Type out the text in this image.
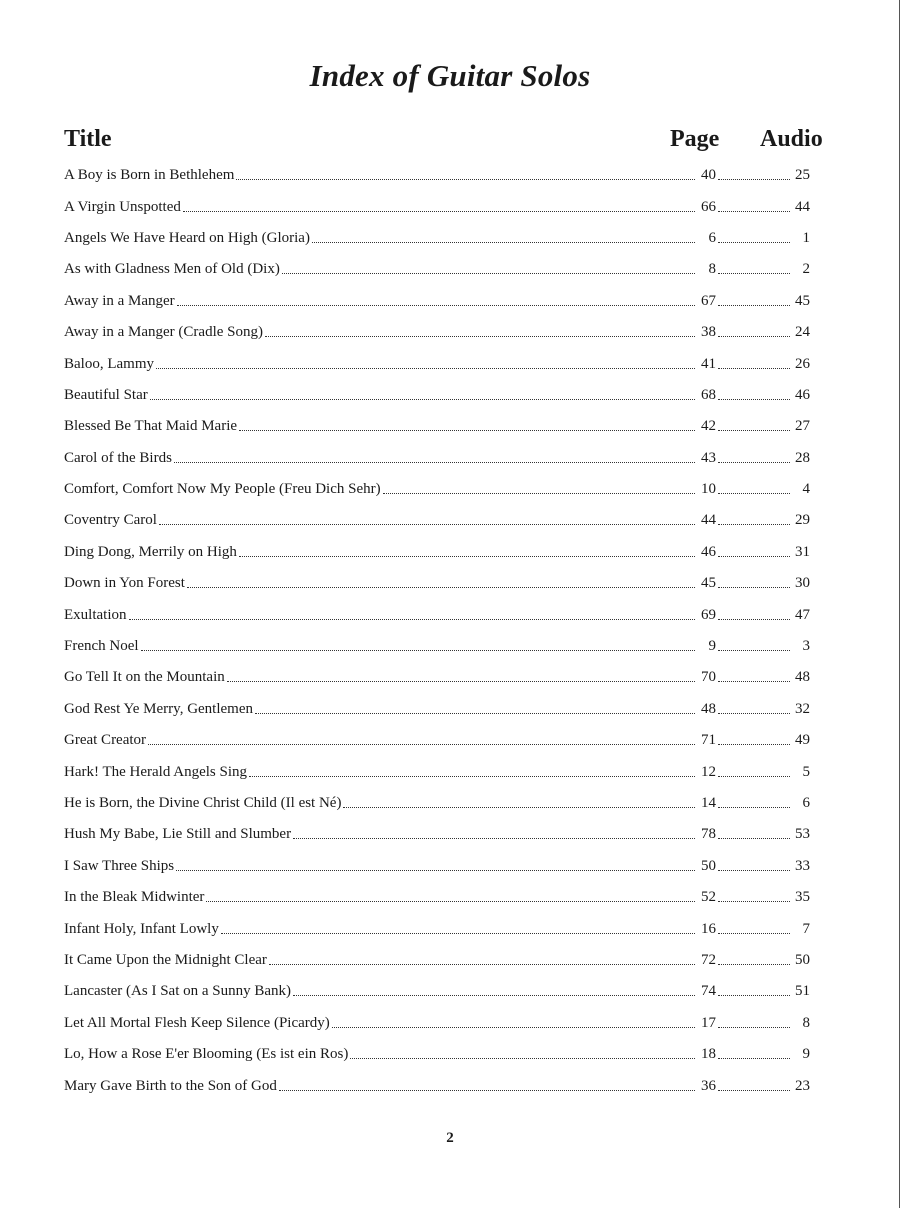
Index of Guitar Solos
Title	Page Audio
A Boy is Born in Bethlehem	40	25
A Virgin Unspotted	66	44
Angels We Have Heard on High (Gloria)	6	1
As with Gladness Men of Old (Dix)	8	2
Away in a Manger	67	45
Away in a Manger (Cradle Song)	38	24
Baloo, Lammy	41	26
Beautiful Star	68	46
Blessed Be That Maid Marie	42	27
Carol of the Birds	43	28
Comfort, Comfort Now My People (Freu Dich Sehr)	10	4
Coventry Carol	44	29
Ding Dong, Merrily on High	46	31
Down in Yon Forest	45	30
Exultation	69	47
French Noel	9	3
Go Tell It on the Mountain	70	48
God Rest Ye Merry, Gentlemen	48	32
Great Creator	71	49
Hark! The Herald Angels Sing	12	5
He is Born, the Divine Christ Child (Il est Né)	14	6
Hush My Babe, Lie Still and Slumber	78	53
I Saw Three Ships	50	33
In the Bleak Midwinter	52	35
Infant Holy, Infant Lowly	16	7
It Came Upon the Midnight Clear	72	50
Lancaster (As I Sat on a Sunny Bank)	74	51
Let All Mortal Flesh Keep Silence (Picardy)	17	8
Lo, How a Rose E'er Blooming (Es ist ein Ros)	18	9
Mary Gave Birth to the Son of God	36	23
2
